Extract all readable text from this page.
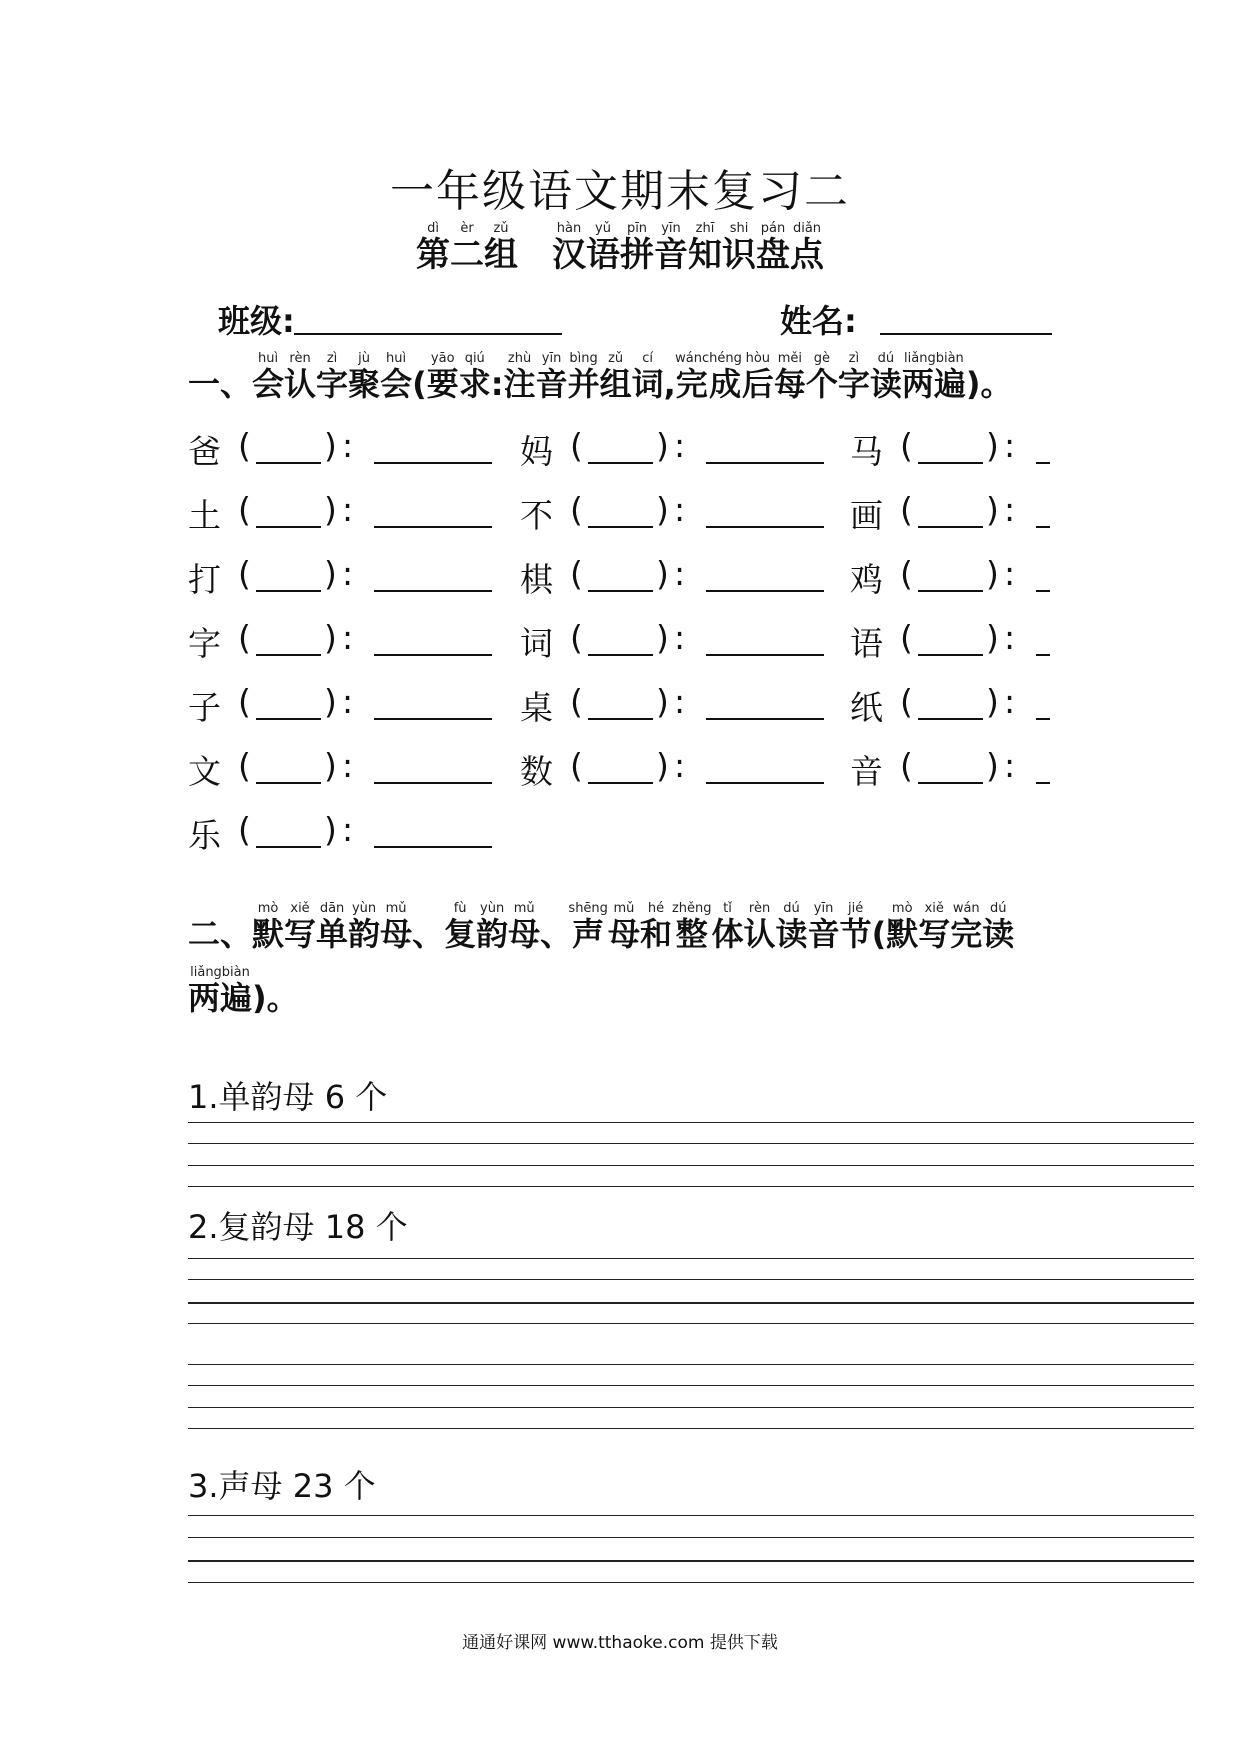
一年级语文期末复习二
第dì二èr组zǔ汉hàn语yǔ拼pīn音yīn知zhī识shi盘pán点diǎn
班级:	姓名:
一、会huì认rèn字zì聚jù会huì(要yāo求qiú:注zhù音yīn并bìng组zǔ词cí,完成wánchéng后hòu每měi个gè字zì读dú两遍liǎngbiàn)。
爸 ( ) :	妈 ( ) :	马 ( ) :
土 ( ) :	不 ( ) :	画 ( ) :
打 ( ) :	棋 ( ) :	鸡 ( ) :
字 ( ) :	词 ( ) :	语 ( ) :
子 ( ) :	桌 ( ) :	纸 ( ) :
文 ( ) :	数 ( ) :	音 ( ) :
乐 ( ) :
二、默mò写xiě单dān韵yùn母mǔ、复fù韵yùn母mǔ、声shēng母mǔ和hé整zhěng体tǐ认rèn读dú音yīn节jié(默mò写xiě完wán读dú
两遍liǎngbiàn)。
1.单韵母 6 个
2.复韵母 18 个
3.声母 23 个
通通好课网 www.tthaoke.com 提供下载
